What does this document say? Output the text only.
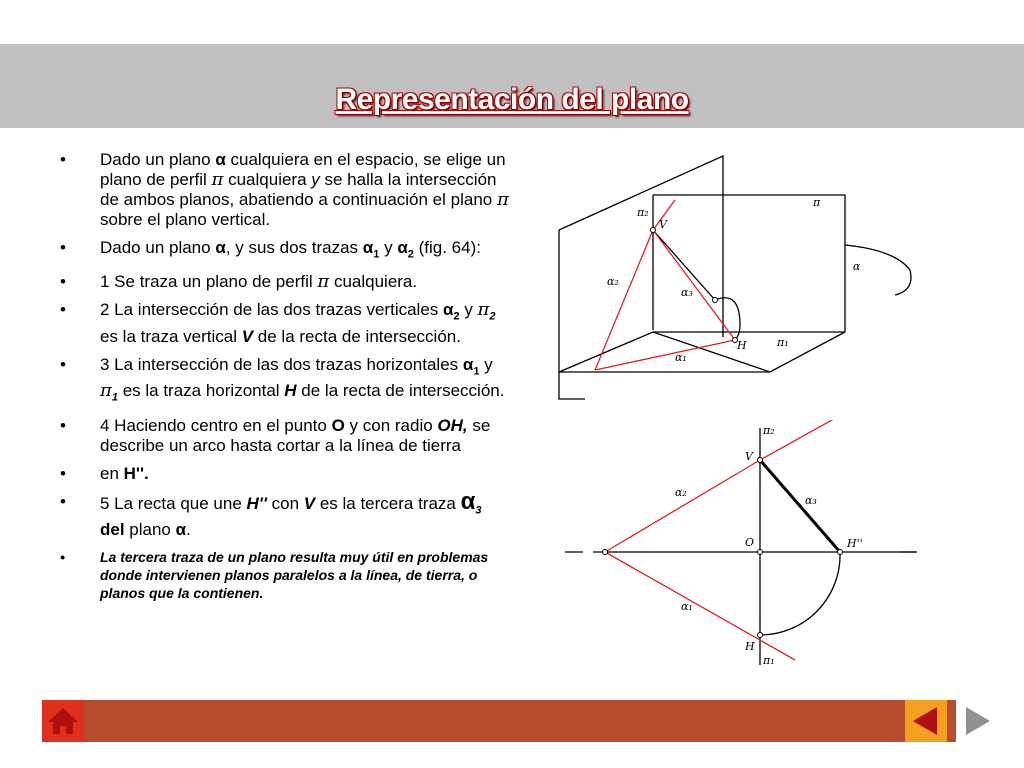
Representación del plano
• Dado un plano α cualquiera en el espacio, se elige un plano de perfil π cualquiera y se halla la intersección de ambos planos, abatiendo a continuación el plano π sobre el plano vertical.
• Dado un plano α, y sus dos trazas $\alpha_1$ y $\alpha_2$ (fig. 64):
• 1 Se traza un plano de perfil π cualquiera.
• 2 La intersección de las dos trazas verticales $\alpha_2$ y $\pi_2$ es la traza vertical V de la recta de intersección.
• 3 La intersección de las dos trazas horizontales $\alpha_1$ y $\pi_1$ es la traza horizontal H de la recta de intersección.
• 4 Haciendo centro en el punto O y con radio OH, se describe un arco hasta cortar a la línea de tierra
• en H''.
• 5 La recta que une H'' con V es la tercera traza $\alpha_3$ del plano α.
•	La tercera traza de un plano resulta muy útil en problemas donde intervienen planos paralelos a la línea, de tierra, o planos que la contienen.
π₂
V
π
α
α₂
α₃
H	π₁
α₁
π₂
V
α₂
α₃
O	H''
α₁
H
π₁
